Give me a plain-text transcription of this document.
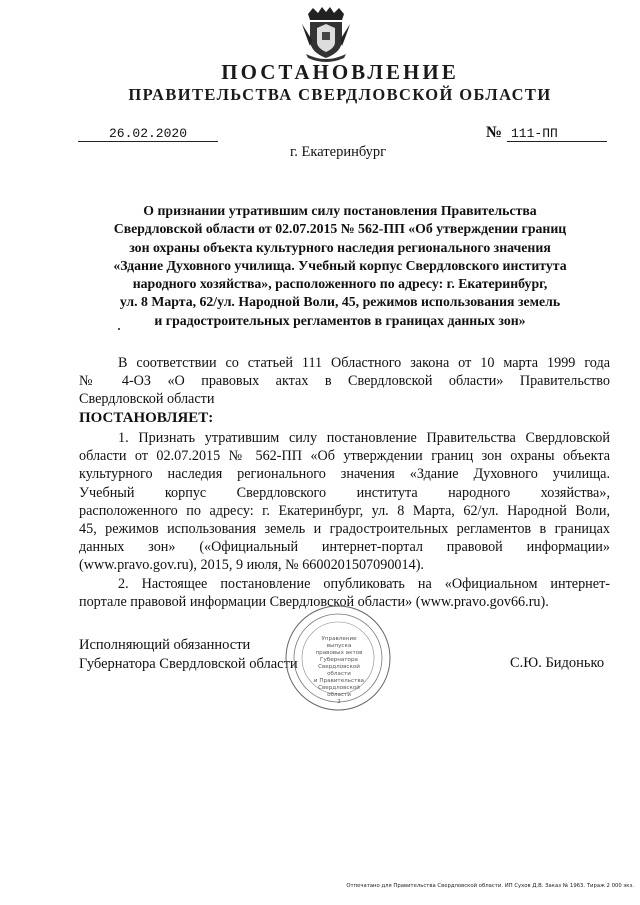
ПОСТАНОВЛЕНИЕ
ПРАВИТЕЛЬСТВА СВЕРДЛОВСКОЙ ОБЛАСТИ
26.02.2020	№ 111-ПП
г. Екатеринбург
О признании утратившим силу постановления Правительства
Свердловской области от 02.07.2015 № 562-ПП «Об утверждении границ
зон охраны объекта культурного наследия регионального значения
«Здание Духовного училища. Учебный корпус Свердловского института
народного хозяйства», расположенного по адресу: г. Екатеринбург,
ул. 8 Марта, 62/ул. Народной Воли, 45, режимов использования земель
и градостроительных регламентов в границах данных зон»
В соответствии со статьей 111 Областного закона от 10 марта 1999 года
№ 4-ОЗ «О правовых актах в Свердловской области» Правительство
Свердловской области
ПОСТАНОВЛЯЕТ:
1. Признать утратившим силу постановление Правительства Свердловской
области от 02.07.2015 № 562-ПП «Об утверждении границ зон охраны объекта
культурного наследия регионального значения «Здание Духовного училища.
Учебный корпус Свердловского института народного хозяйства»,
расположенного по адресу: г. Екатеринбург, ул. 8 Марта, 62/ул. Народной Воли,
45, режимов использования земель и градостроительных регламентов в границах
данных зон» («Официальный интернет-портал правовой информации»
(www.pravo.gov.ru), 2015, 9 июля, № 6600201507090014).
2. Настоящее постановление опубликовать на «Официальном интернет-
портале правовой информации Свердловской области» (www.pravo.gov66.ru).
Исполняющий обязанности
Губернатора Свердловской области	С.Ю. Бидонько
Управление
выпуска
правовых актов
Губернатора
Свердловской области
и Правительства
Свердловской
области
2
Отпечатано для Правительства Свердловской области. ИП Сухов Д.В. Заказ № 1963. Тираж 2 000 экз.
